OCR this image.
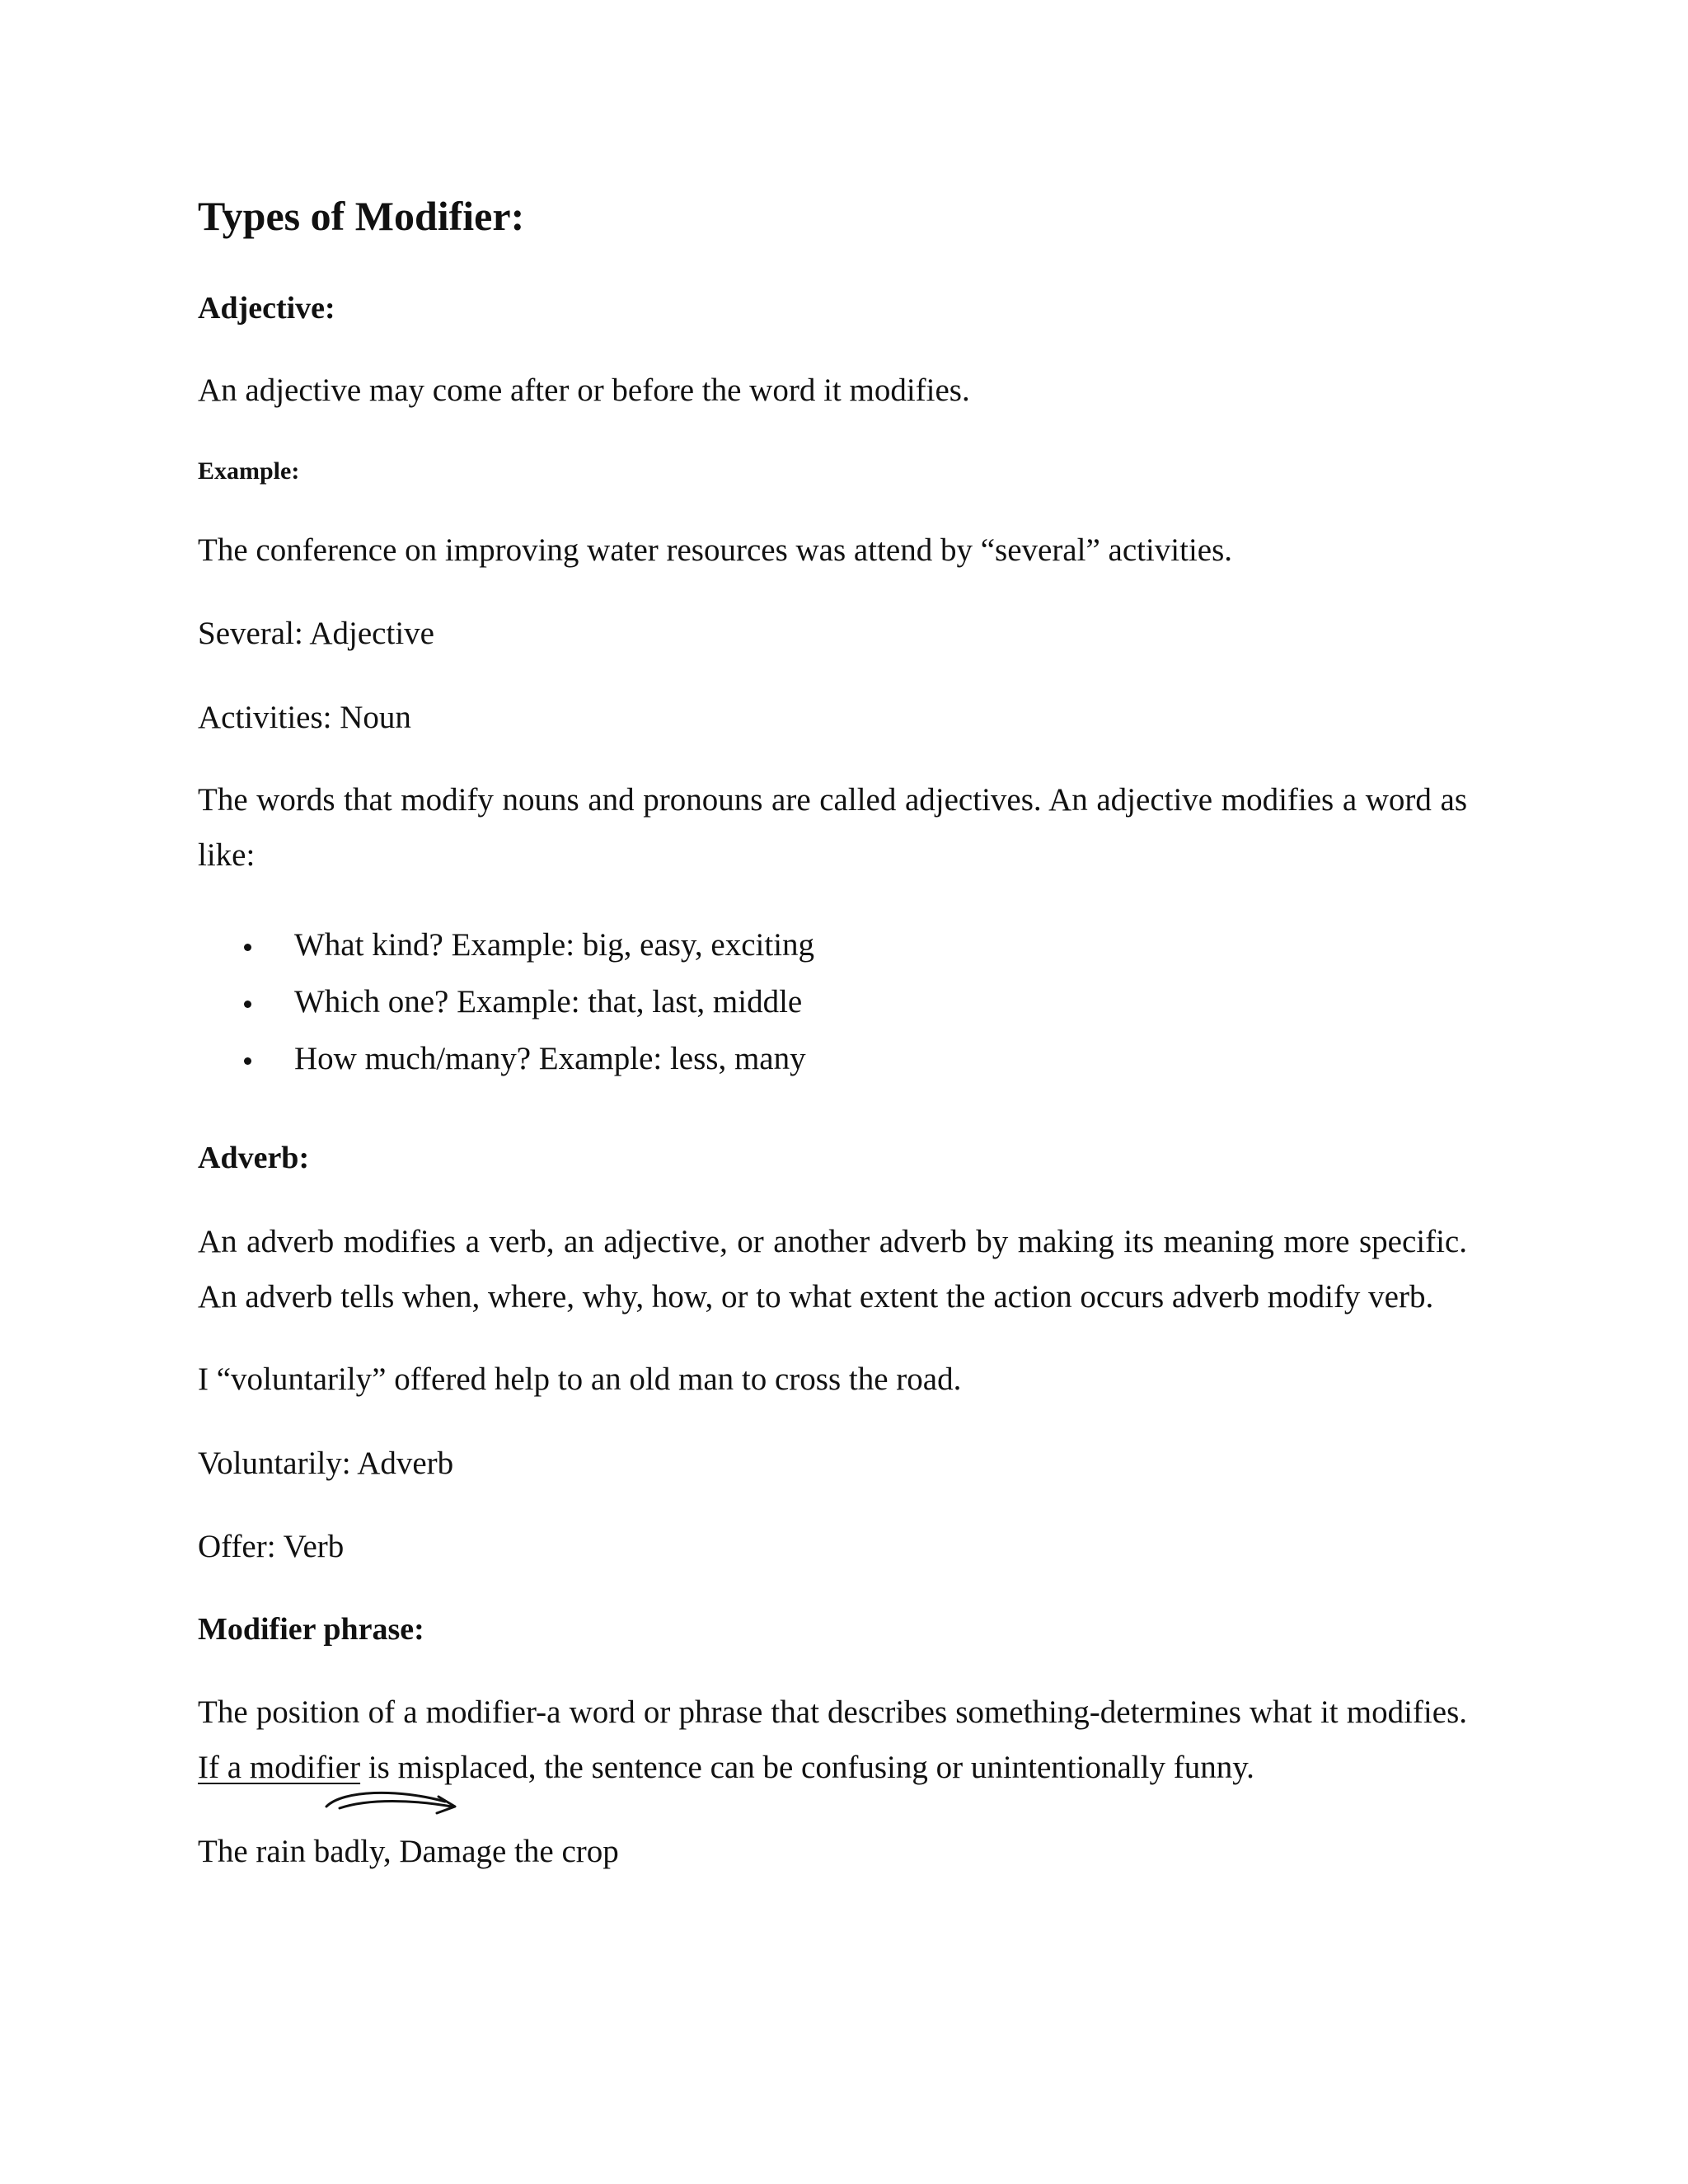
Types of Modifier:
Adjective:

An adjective may come after or before the word it modifies.

Example:

The conference on improving water resources was attend by “several” activities.

Several: Adjective

Activities: Noun

The words that modify nouns and pronouns are called adjectives. An adjective modifies a word as like:

What kind? Example: big, easy, exciting
Which one? Example: that, last, middle
How much/many? Example: less, many
Adverb:

An adverb modifies a verb, an adjective, or another adverb by making its meaning more specific. An adverb tells when, where, why, how, or to what extent the action occurs adverb modify verb.

I “voluntarily” offered help to an old man to cross the road.

Voluntarily: Adverb

Offer: Verb

Modifier phrase:

The position of a modifier-a word or phrase that describes something-determines what it modifies. If a modifier is misplaced, the sentence can be confusing or unintentionally funny.

The rain badly, Damage the crop
